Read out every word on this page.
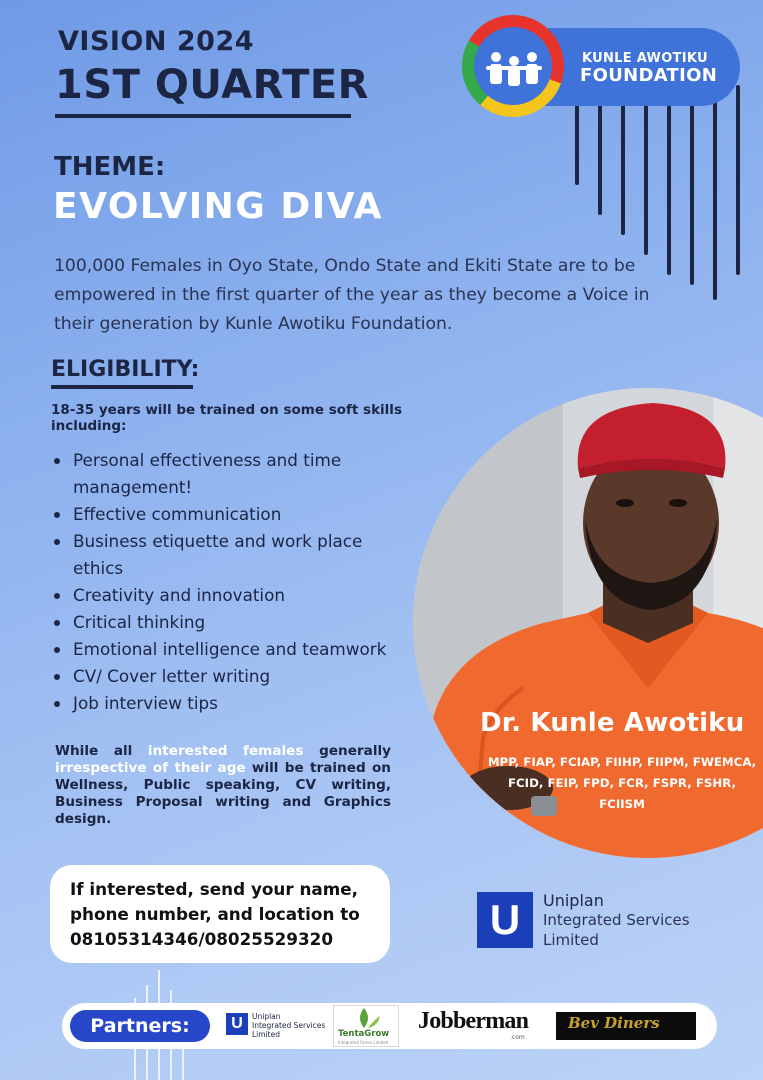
VISION 2024
1ST QUARTER
KUNLE AWOTIKU
FOUNDATION
THEME:
EVOLVING DIVA
100,000 Females in Oyo State, Ondo State and Ekiti State are to be empowered in the first quarter of the year as they become a Voice in their generation by Kunle Awotiku Foundation.
ELIGIBILITY:
18-35 years will be trained on some soft skills including:
Personal effectiveness and time management!
Effective communication
Business etiquette and work place ethics
Creativity and innovation
Critical thinking
Emotional intelligence and teamwork
CV/ Cover letter writing
Job interview tips
While all interested females generally irrespective of their age will be trained on Wellness, Public speaking, CV writing, Business Proposal writing and Graphics design.
If interested, send your name,
phone number, and location to
08105314346/08025529320
Dr. Kunle Awotiku
MPP, FIAP, FCIAP, FIIHP, FIIPM, FWEMCA, FCID, FEIP, FPD, FCR, FSPR, FSHR, FCIISM
U	Uniplan
Integrated Services
Limited
Partners:	U	Uniplan
Integrated Services
Limited	TentaGrow
Integrated Farms Limited
Jobberman
.com
Bev Diners
